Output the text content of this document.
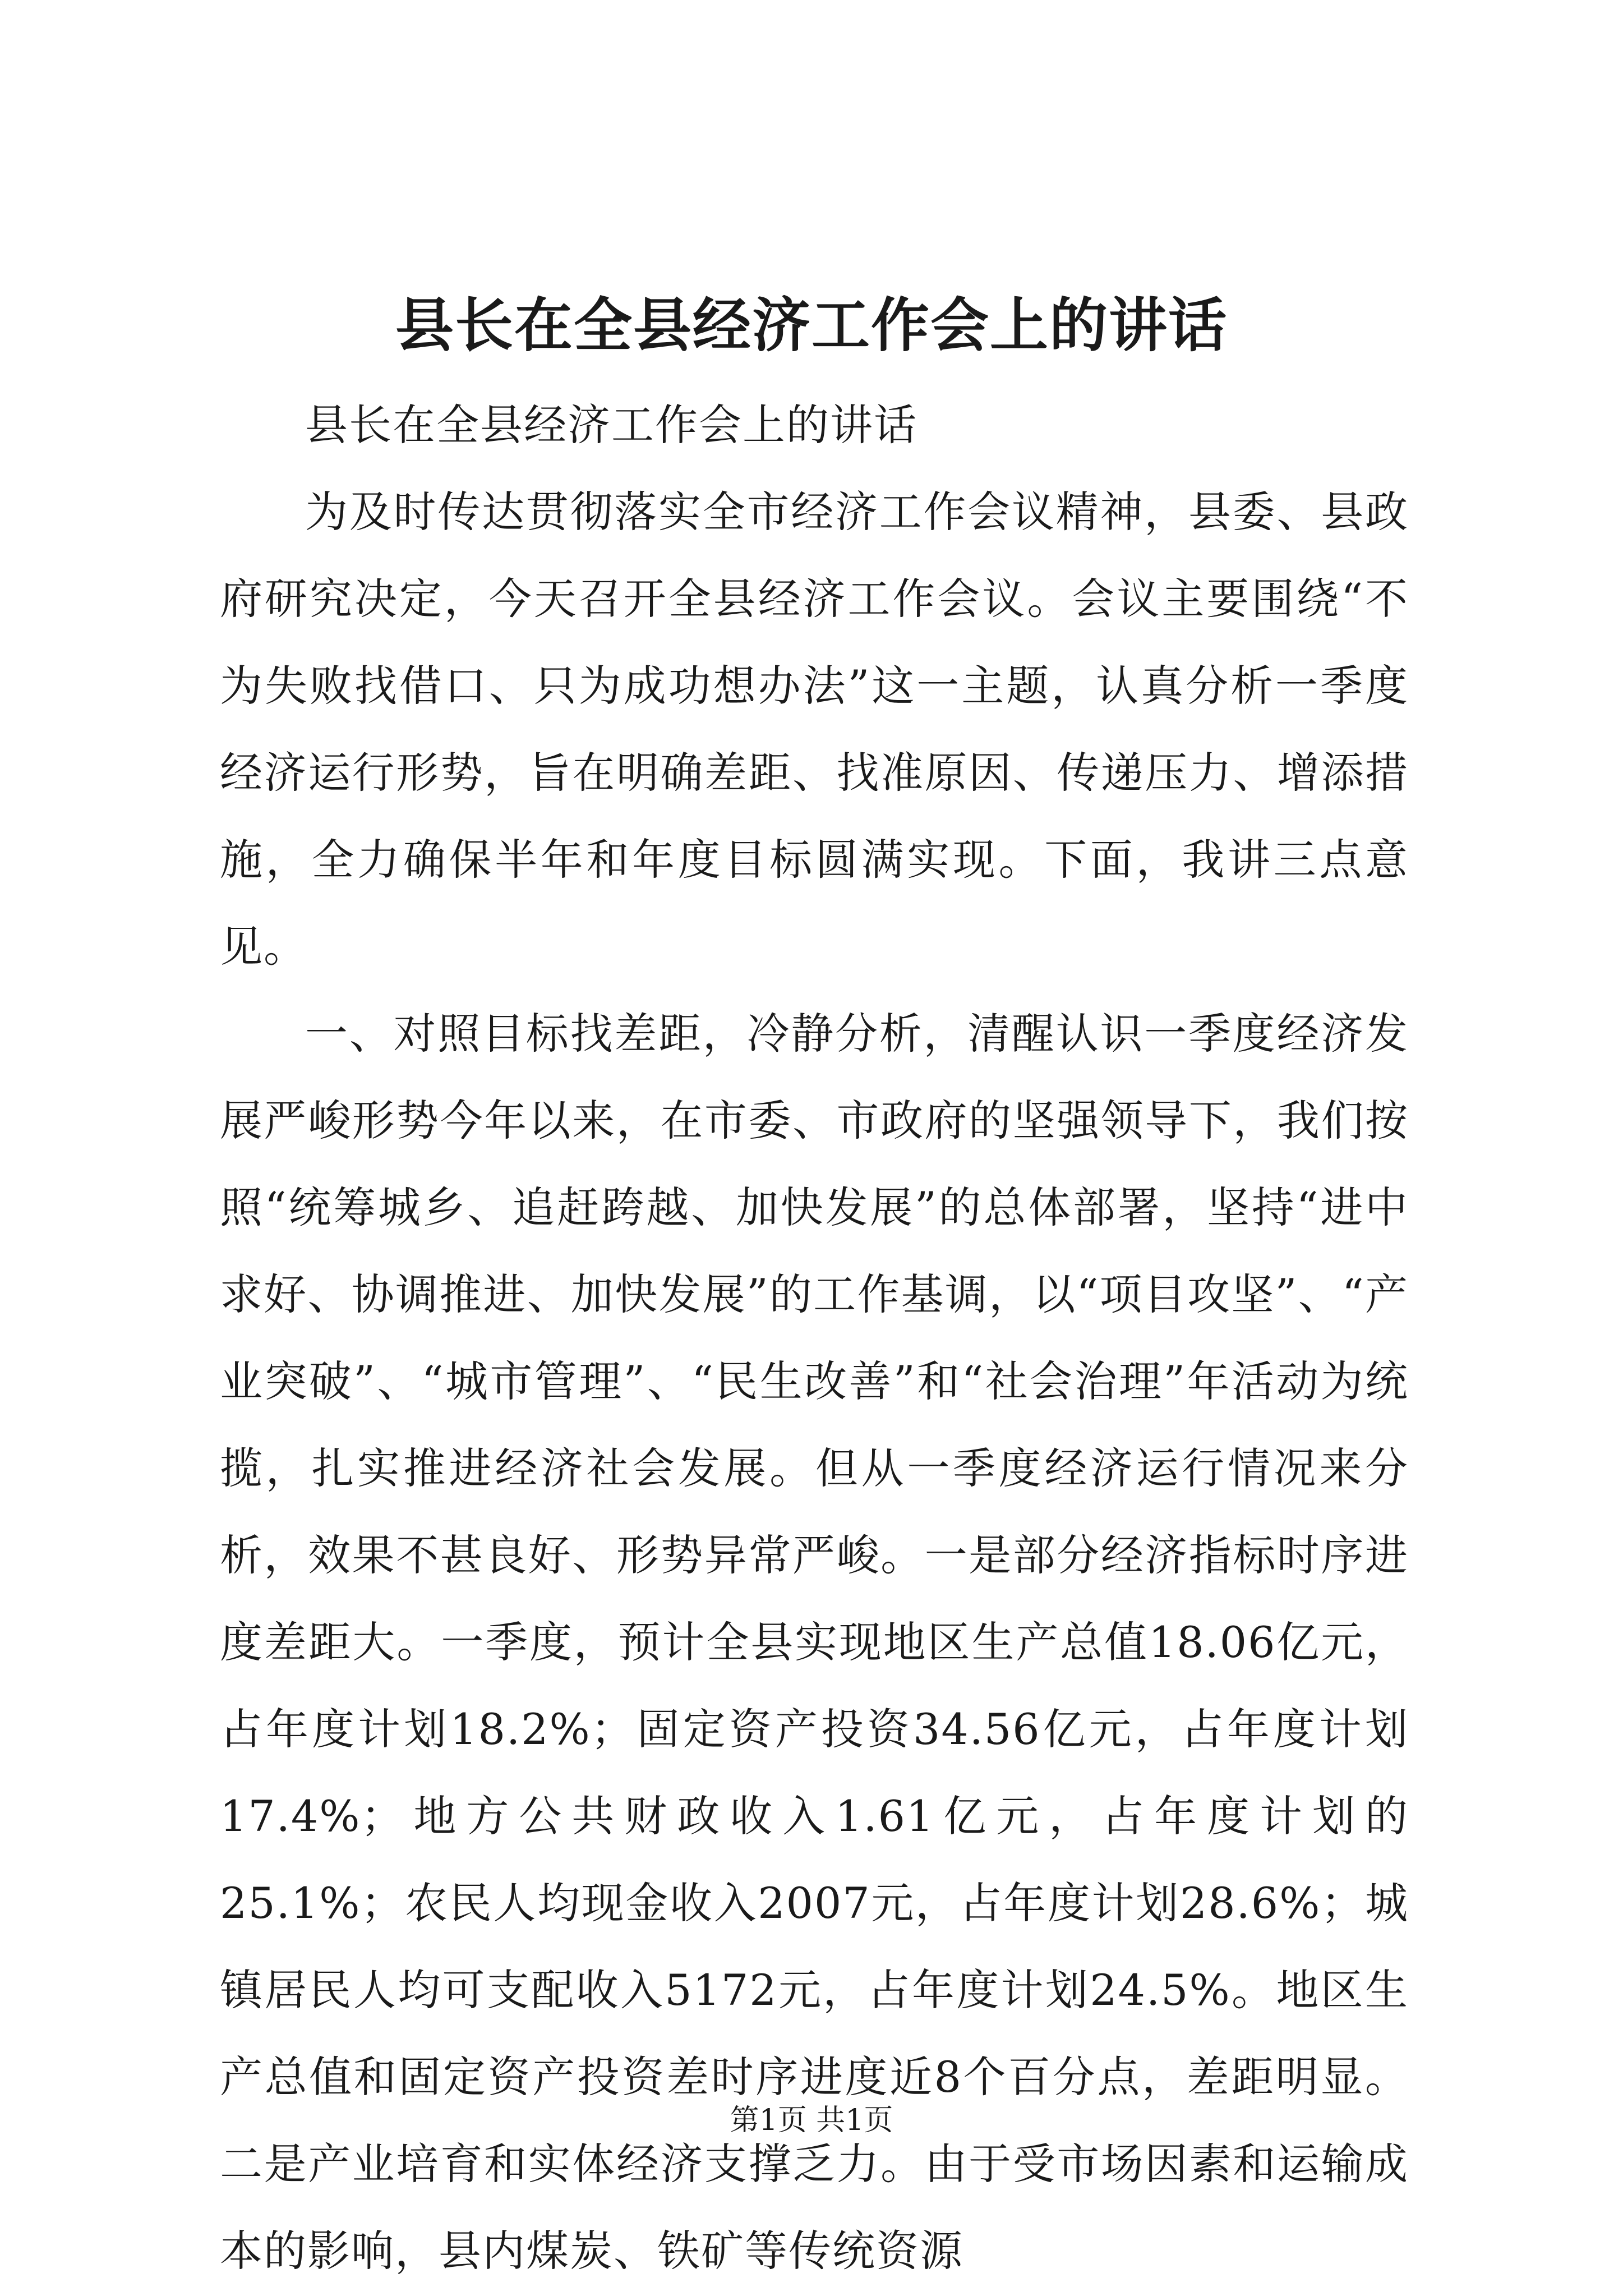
县长在全县经济工作会上的讲话

县长在全县经济工作会上的讲话

为及时传达贯彻落实全市经济工作会议精神，县委、县政府研究决定，今天召开全县经济工作会议。会议主要围绕“不为失败找借口、只为成功想办法”这一主题，认真分析一季度经济运行形势，旨在明确差距、找准原因、传递压力、增添措施，全力确保半年和年度目标圆满实现。下面，我讲三点意见。

一、对照目标找差距，冷静分析，清醒认识一季度经济发展严峻形势今年以来，在市委、市政府的坚强领导下，我们按照“统筹城乡、追赶跨越、加快发展”的总体部署，坚持“进中求好、协调推进、加快发展”的工作基调，以“项目攻坚”、“产业突破”、“城市管理”、“民生改善”和“社会治理”年活动为统揽，扎实推进经济社会发展。但从一季度经济运行情况来分析，效果不甚良好、形势异常严峻。一是部分经济指标时序进度差距大。一季度，预计全县实现地区生产总值18.06亿元，占年度计划18.2%；固定资产投资34.56亿元，占年度计划17.4%；地方公共财政收入1.61亿元，占年度计划的25.1%；农民人均现金收入2007元，占年度计划28.6%；城镇居民人均可支配收入5172元，占年度计划24.5%。地区生产总值和固定资产投资差时序进度近8个百分点，差距明显。二是产业培育和实体经济支撑乏力。由于受市场因素和运输成本的影响，县内煤炭、铁矿等传统资源

第1页 共1页
